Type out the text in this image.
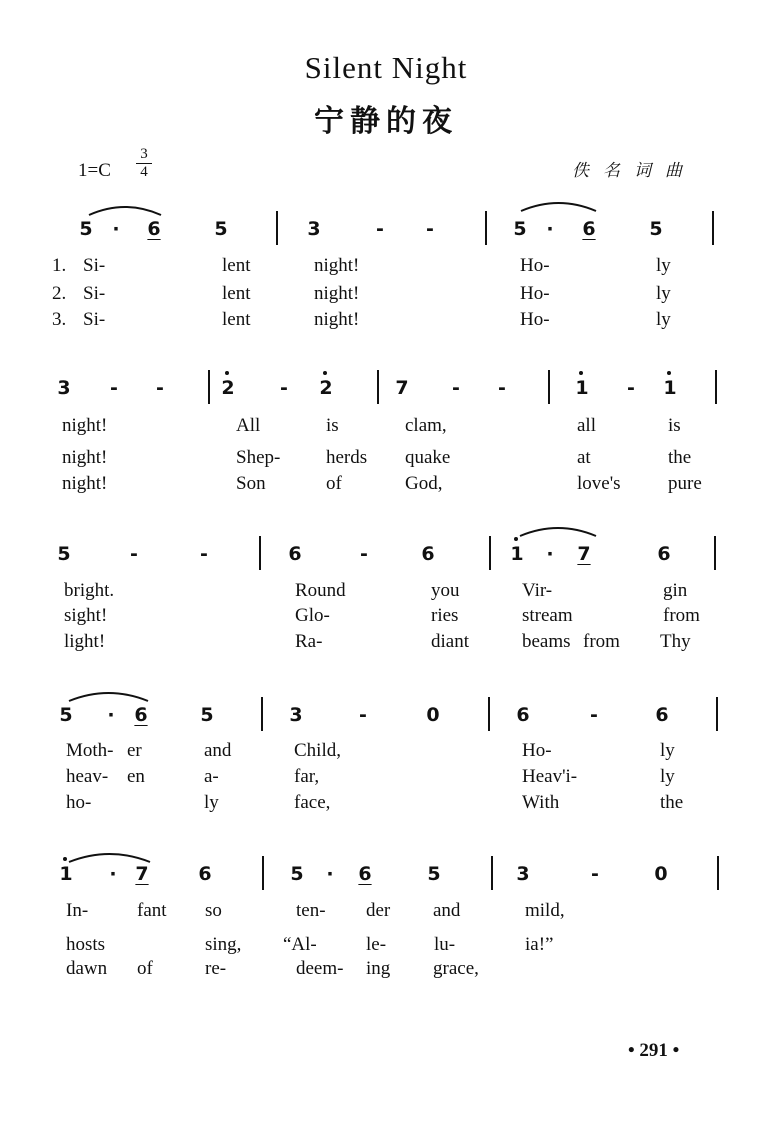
Silent Night
宁静的夜
$1=C \frac{3}{4}$	佚名词曲
5	·	6	5	3	-	-	5	·	6	5
1.
2.
3.
Si-	lent	night!	Ho-	ly
Si-	lent	night!	Ho-	ly
Si-	lent	night!	Ho-	ly
3	-	-	2	-	2	7	-	-	1	-	1
night!	All	is	clam,	all	is
night!	Shep- herds quake	at	the
night!	Son	of	God,	love's pure
5	-	-	6	-	6	1	·	7	6
bright.	Round	you	Vir-	gin
sight!	Glo-	ries	stream	from
light!	Ra-	diant	beams from Thy
5	·	6	5	3	-	0	6	-	6
Moth- er	and	Child,	Ho-	ly
heav- en	a-	far,	Heav'i-	ly
ho-	ly	face,	With	the
1	· 7	6	5	·	6	5	3	-	0
In-	fant so	ten- der and	mild,
hosts	sing, “Al-	le-	lu-	ia!”
dawn of	re-	deem- ing grace,
• 291 •
